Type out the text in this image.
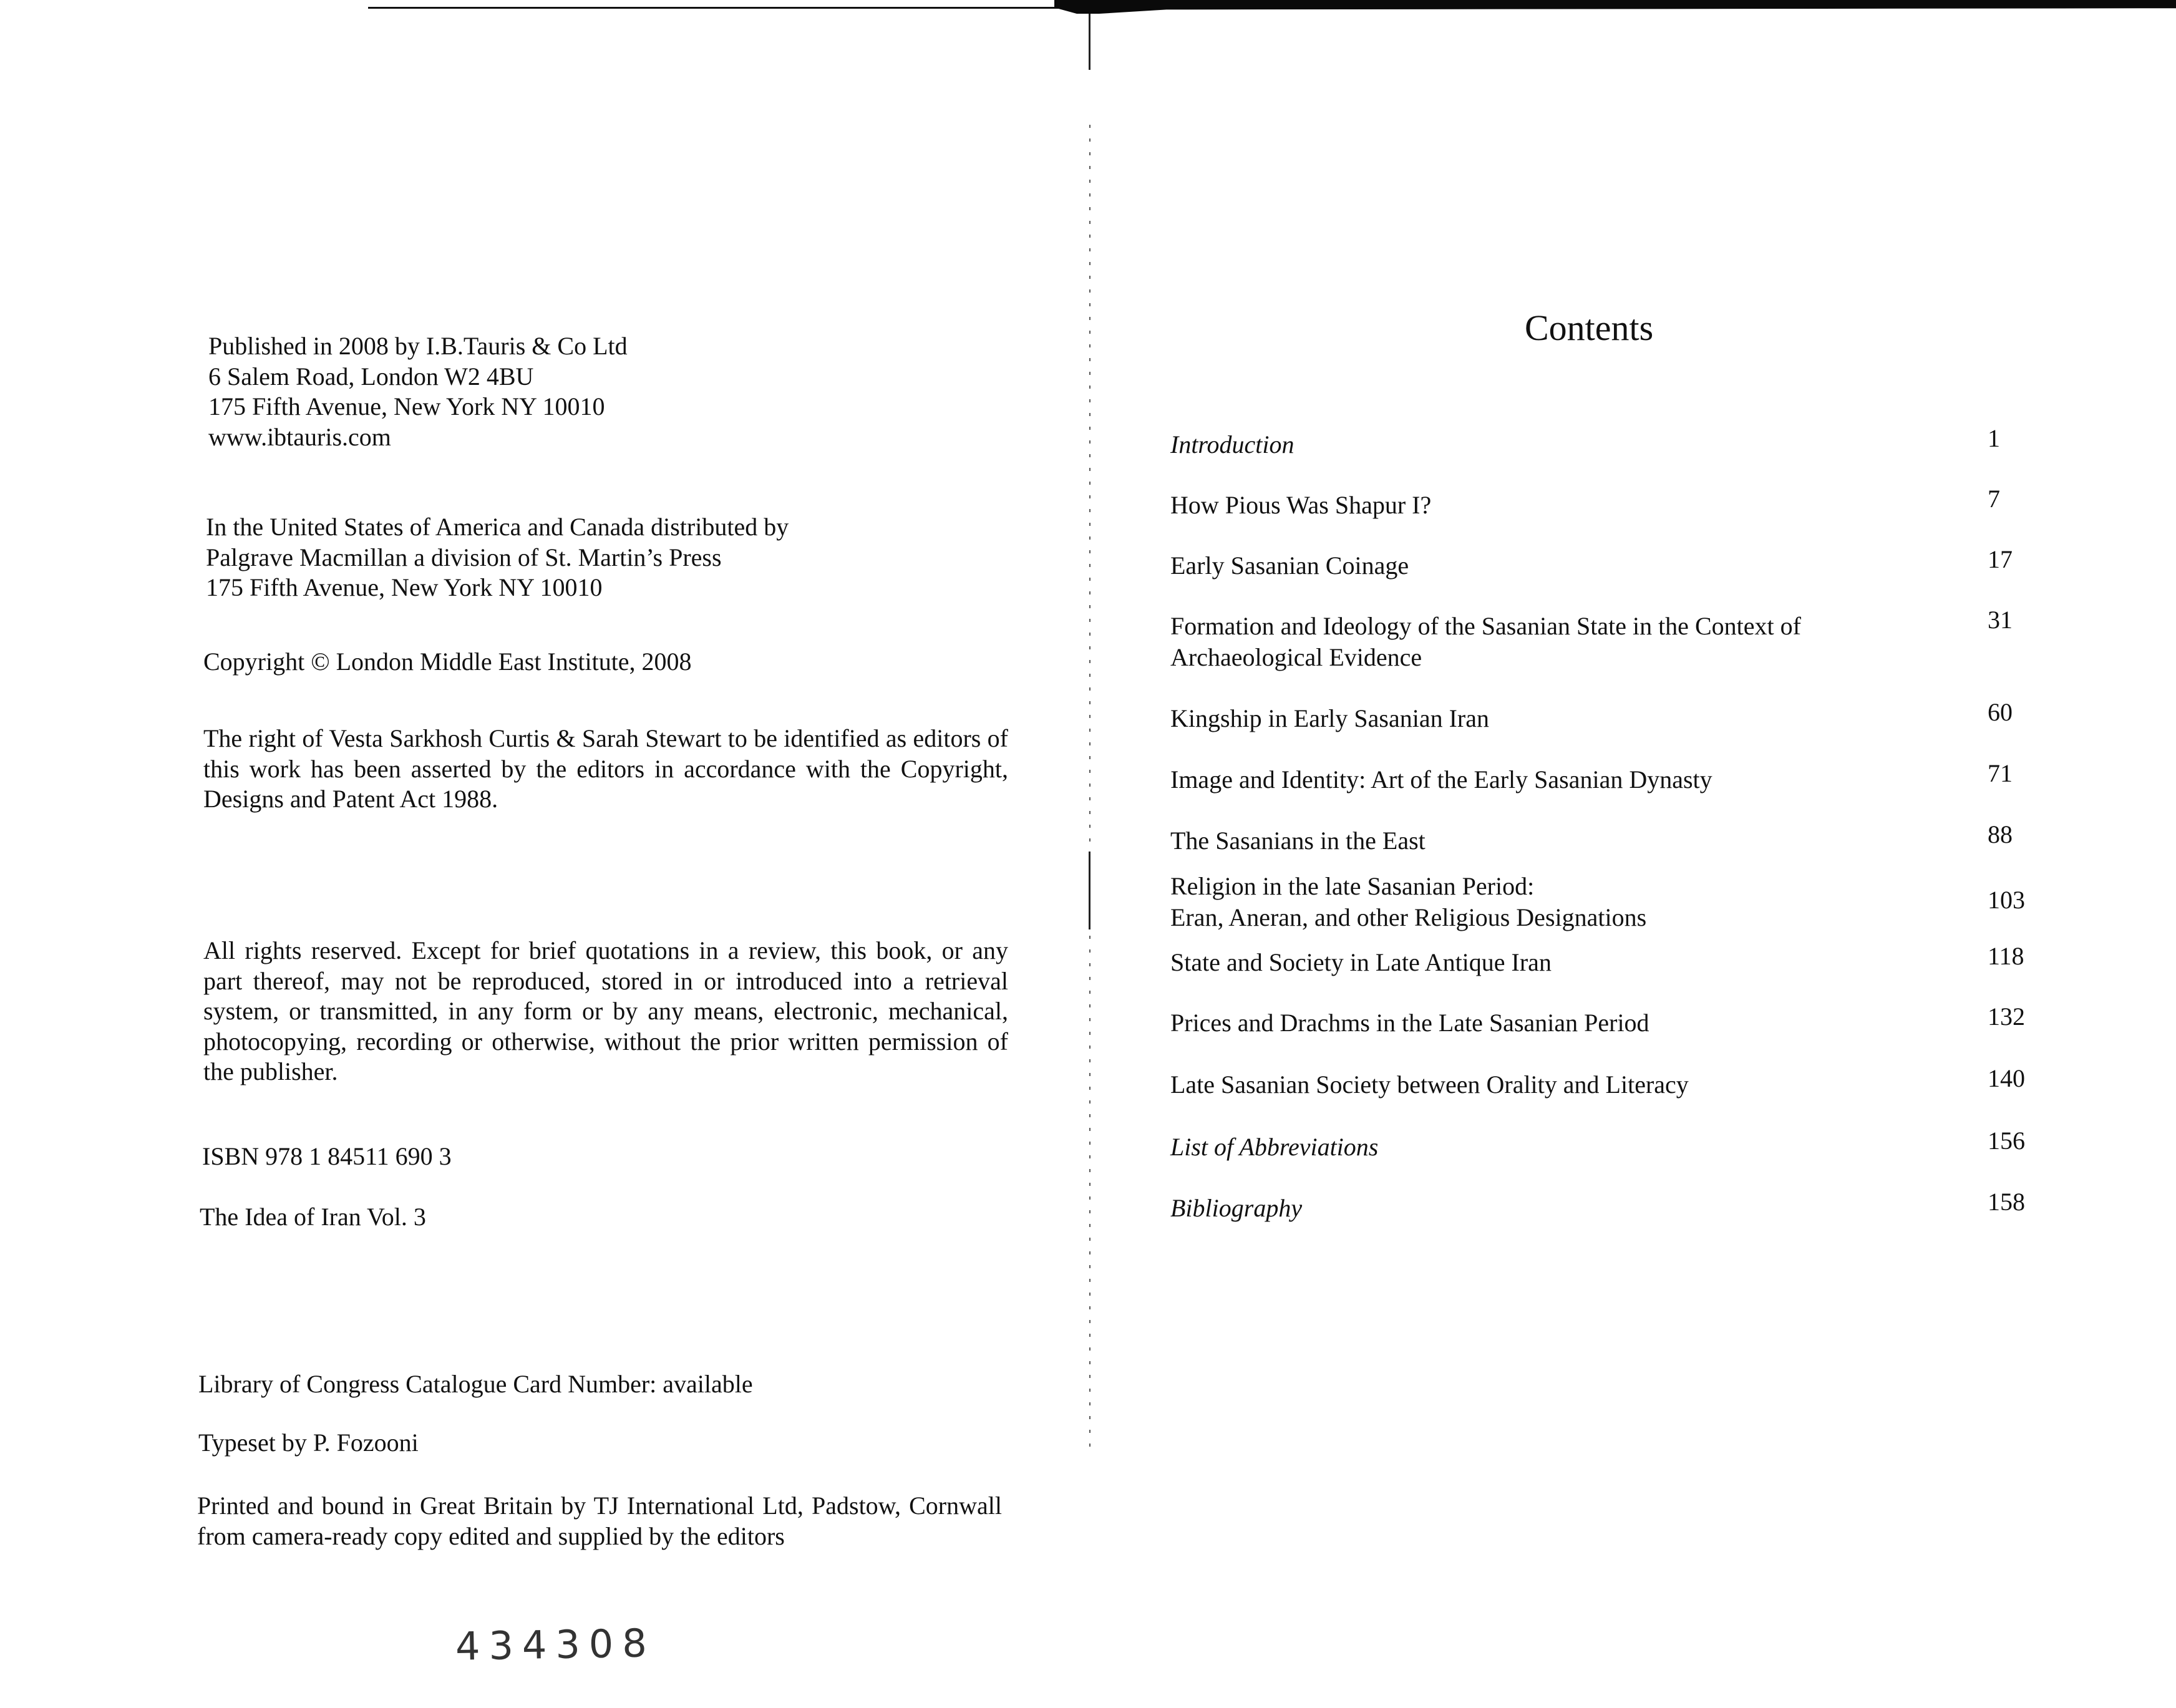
Published in 2008 by I.B.Tauris & Co Ltd

6 Salem Road, London W2 4BU

175 Fifth Avenue, New York NY 10010

www.ibtauris.com

In the United States of America and Canada distributed by

Palgrave Macmillan a division of St. Martin’s Press

175 Fifth Avenue, New York NY 10010

Copyright © London Middle East Institute, 2008

The right of Vesta Sarkhosh Curtis & Sarah Stewart to be identified as editors of this work has been asserted by the editors in accordance with the Copyright, Designs and Patent Act 1988.

All rights reserved. Except for brief quotations in a review, this book, or any part thereof, may not be reproduced, stored in or introduced into a retrieval system, or transmitted, in any form or by any means, electronic, mechanical, photocopying, recording or otherwise, without the prior written permission of the publisher.

ISBN 978 1 84511 690 3

The Idea of Iran Vol. 3

Library of Congress Catalogue Card Number: available

Typeset by P. Fozooni

Printed and bound in Great Britain by TJ International Ltd, Padstow, Cornwall from camera-ready copy edited and supplied by the editors

434308
Contents
Introduction	1
How Pious Was Shapur I?	7
Early Sasanian Coinage	17
Formation and Ideology of the Sasanian State in the Context of
Archaeological Evidence
31
Kingship in Early Sasanian Iran	60
Image and Identity: Art of the Early Sasanian Dynasty	71
The Sasanians in the East	88
Religion in the late Sasanian Period:
Eran, Aneran, and other Religious Designations
103
State and Society in Late Antique Iran	118
Prices and Drachms in the Late Sasanian Period	132
Late Sasanian Society between Orality and Literacy	140
List of Abbreviations	156
Bibliography	158
